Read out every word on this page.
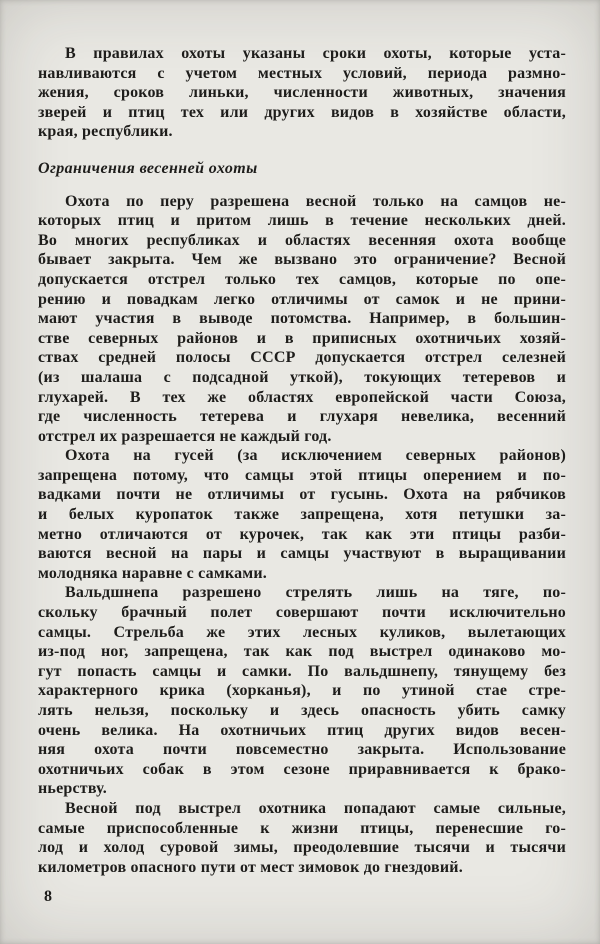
В правилах охоты указаны сроки охоты, которые уста-
навливаются с учетом местных условий, периода размно-
жения, сроков линьки, численности животных, значения
зверей и птиц тех или других видов в хозяйстве области,
края, республики.
Ограничения весенней охоты
Охота по перу разрешена весной только на самцов не-
которых птиц и притом лишь в течение нескольких дней.
Во многих республиках и областях весенняя охота вообще
бывает закрыта. Чем же вызвано это ограничение? Весной
допускается отстрел только тех самцов, которые по опе-
рению и повадкам легко отличимы от самок и не прини-
мают участия в выводе потомства. Например, в большин-
стве северных районов и в приписных охотничьих хозяй-
ствах средней полосы СССР допускается отстрел селезней
(из шалаша с подсадной уткой), токующих тетеревов и
глухарей. В тех же областях европейской части Союза,
где численность тетерева и глухаря невелика, весенний
отстрел их разрешается не каждый год.
Охота на гусей (за исключением северных районов)
запрещена потому, что самцы этой птицы оперением и по-
вадками почти не отличимы от гусынь. Охота на рябчиков
и белых куропаток также запрещена, хотя петушки за-
метно отличаются от курочек, так как эти птицы разби-
ваются весной на пары и самцы участвуют в выращивании
молодняка наравне с самками.
Вальдшнепа разрешено стрелять лишь на тяге, по-
скольку брачный полет совершают почти исключительно
самцы. Стрельба же этих лесных куликов, вылетающих
из-под ног, запрещена, так как под выстрел одинаково мо-
гут попасть самцы и самки. По вальдшнепу, тянущему без
характерного крика (хорканья), и по утиной стае стре-
лять нельзя, поскольку и здесь опасность убить самку
очень велика. На охотничьих птиц других видов весен-
няя охота почти повсеместно закрыта. Использование
охотничьих собак в этом сезоне приравнивается к брако-
ньерству.
Весной под выстрел охотника попадают самые сильные,
самые приспособленные к жизни птицы, перенесшие го-
лод и холод суровой зимы, преодолевшие тысячи и тысячи
километров опасного пути от мест зимовок до гнездовий.
8
